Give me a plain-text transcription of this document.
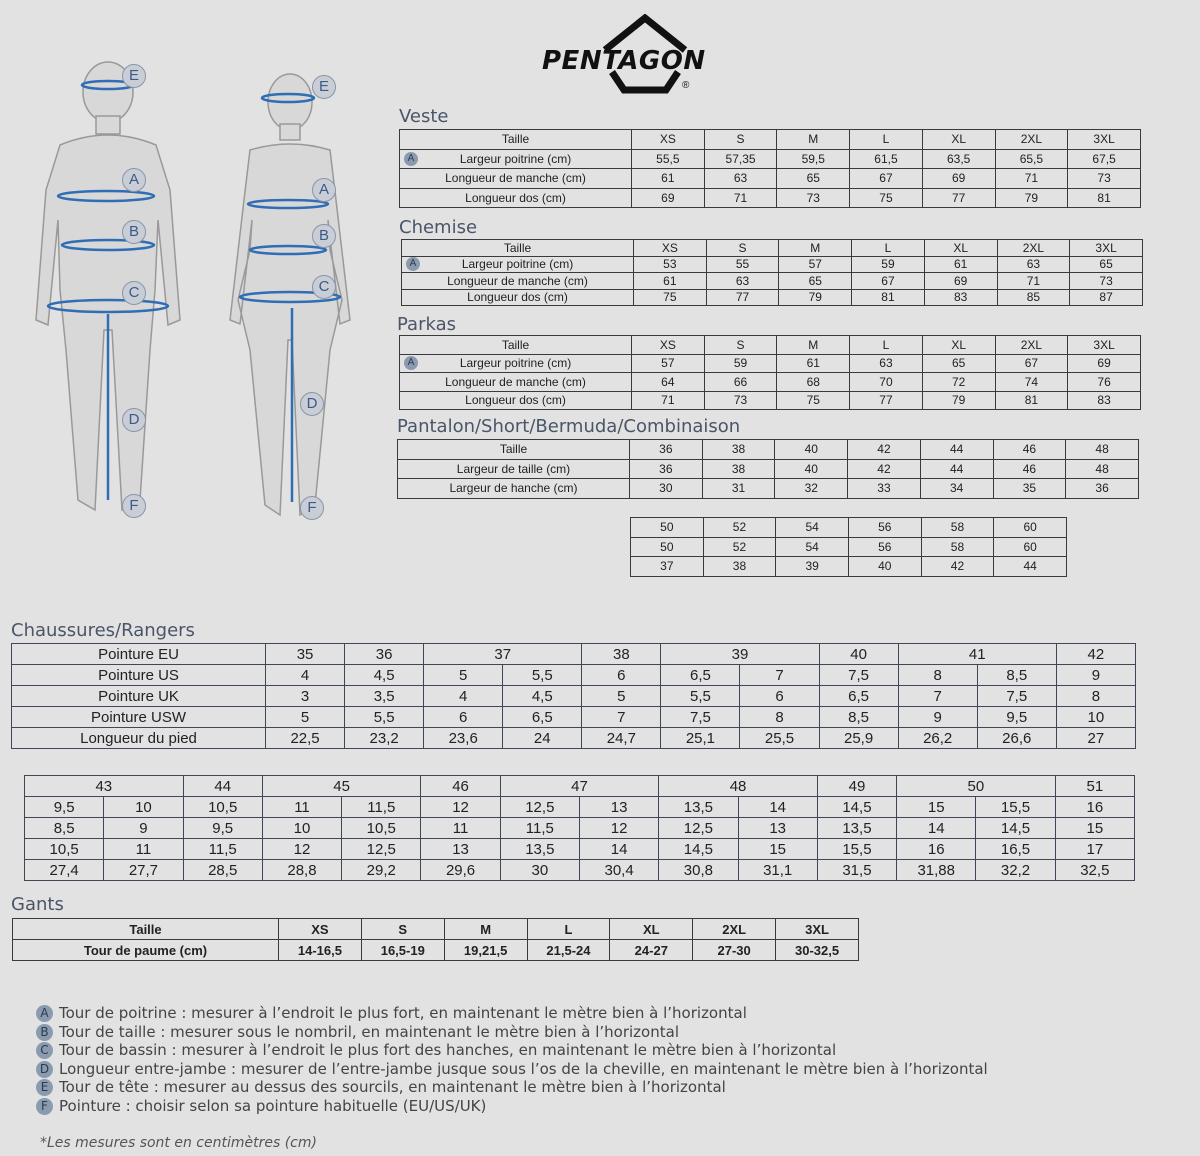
E
A
B
C
D
F
E
A
B
C
D
F
PENTAGON
®
Veste
Taille	XS	S	M	L	XL	2XL	3XL

A Largeur poitrine (cm)	55,5	57,35	59,5	61,5	63,5	65,5	67,5
Longueur de manche (cm)	61	63	65	67	69	71	73
Longueur dos (cm)	69	71	73	75	77	79	81
Chemise
Taille	XS	S	M	L	XL	2XL	3XL

A Largeur poitrine (cm)	53	55	57	59	61	63	65
Longueur de manche (cm)	61	63	65	67	69	71	73
Longueur dos (cm)	75	77	79	81	83	85	87
Parkas
Taille	XS	S	M	L	XL	2XL	3XL

A Largeur poitrine (cm)	57	59	61	63	65	67	69
Longueur de manche (cm)	64	66	68	70	72	74	76
Longueur dos (cm)	71	73	75	77	79	81	83
Pantalon/Short/Bermuda/Combinaison
Taille	36	38	40	42	44	46	48
Largeur de taille (cm)	36	38	40	42	44	46	48
Largeur de hanche (cm)	30	31	32	33	34	35	36
50	52	54	56	58	60
50	52	54	56	58	60
37	38	39	40	42	44
Chaussures/Rangers
Pointure EU	35	36	37		38	39		40	41		42
Pointure US	4	4,5	5	5,5	6	6,5	7	7,5	8	8,5	9
Pointure UK	3	3,5	4	4,5	5	5,5	6	6,5	7	7,5	8
Pointure USW	5	5,5	6	6,5	7	7,5	8	8,5	9	9,5	10
Longueur du pied	22,5	23,2	23,6	24	24,7	25,1	25,5	25,9	26,2	26,6	27
43		44	45		46	47		48		49	50		51
9,5	10	10,5	11	11,5	12	12,5	13	13,5	14	14,5	15	15,5	16
8,5	9	9,5	10	10,5	11	11,5	12	12,5	13	13,5	14	14,5	15
10,5	11	11,5	12	12,5	13	13,5	14	14,5	15	15,5	16	16,5	17
27,4	27,7	28,5	28,8	29,2	29,6	30	30,4	30,8	31,1	31,5	31,88	32,2	32,5
Gants
Taille	XS	S	M	L	XL	2XL	3XL
Tour de paume (cm)	14-16,5	16,5-19	19,21,5	21,5-24	24-27	27-30	30-32,5
A Tour de poitrine : mesurer à l’endroit le plus fort, en maintenant le mètre bien à l’horizontal
B Tour de taille : mesurer sous le nombril, en maintenant le mètre bien à l’horizontal
C Tour de bassin : mesurer à l’endroit le plus fort des hanches, en maintenant le mètre bien à l’horizontal
D Longueur entre-jambe : mesurer de l’entre-jambe jusque sous l’os de la cheville, en maintenant le mètre bien à l’horizontal
E Tour de tête : mesurer au dessus des sourcils, en maintenant le mètre bien à l’horizontal
F Pointure : choisir selon sa pointure habituelle (EU/US/UK)
*Les mesures sont en centimètres (cm)
